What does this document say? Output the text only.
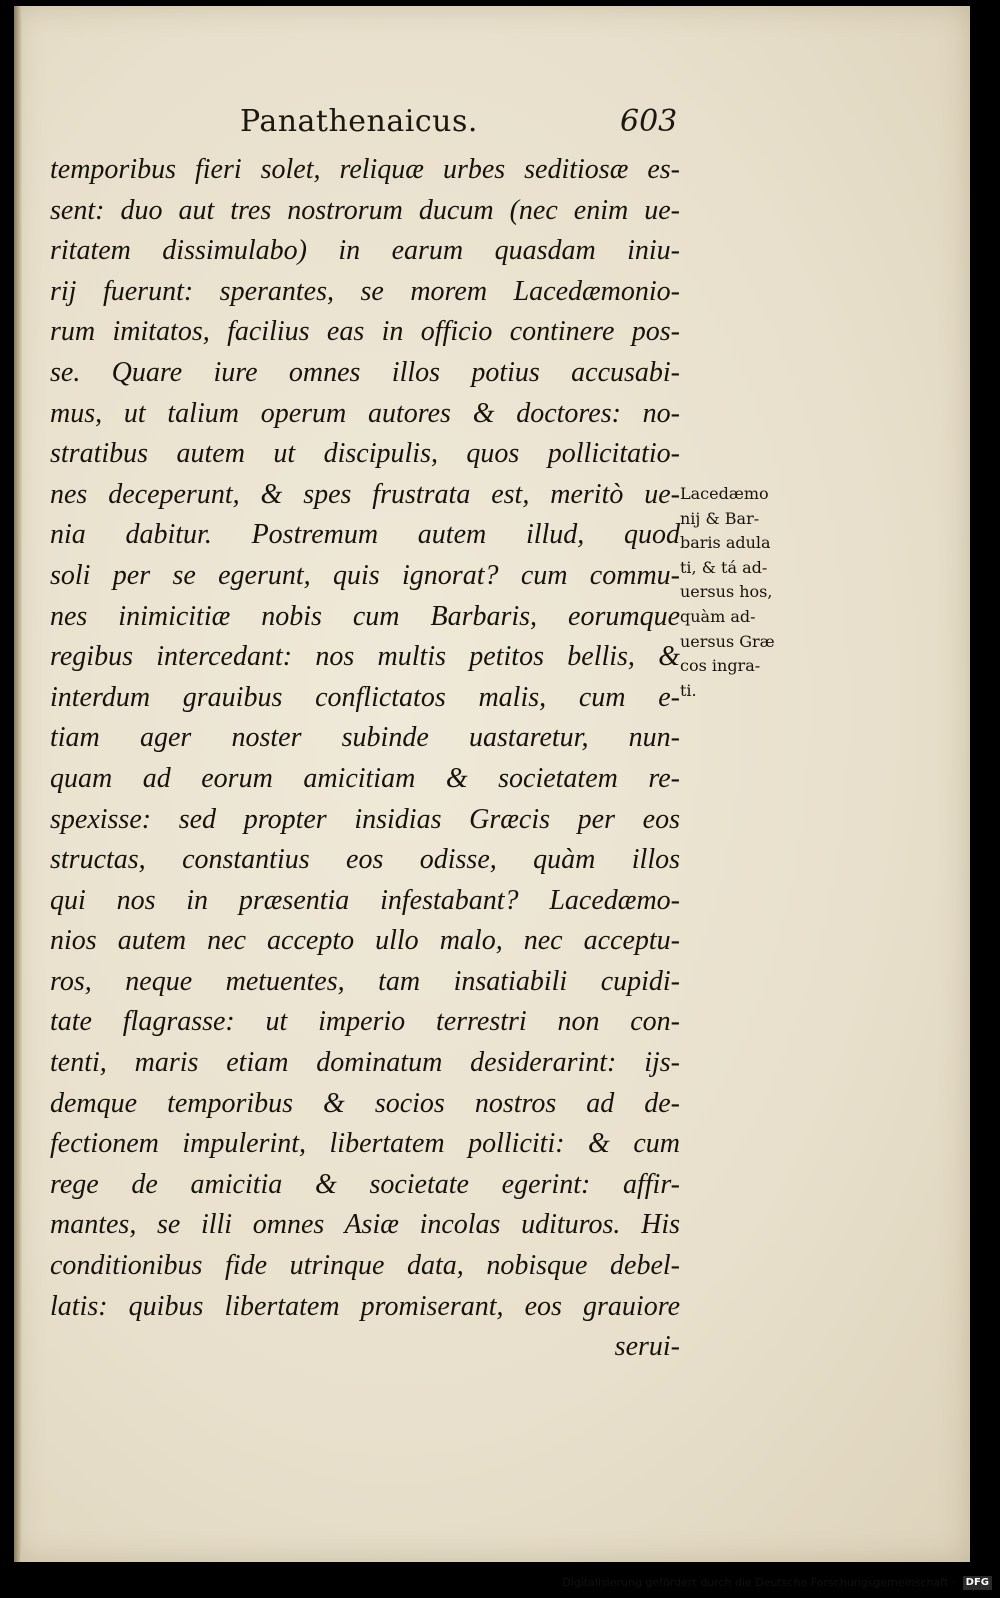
Panathenaicus.	603
temporibus fieri solet, reliquæ urbes seditiosæ es-
sent: duo aut tres nostrorum ducum (nec enim ue-
ritatem dissimulabo) in earum quasdam iniu-
rij fuerunt: sperantes, se morem Lacedæmonio-
rum imitatos, facilius eas in officio continere pos-
se. Quare iure omnes illos potius accusabi-
mus, ut talium operum autores & doctores: no-
stratibus autem ut discipulis, quos pollicitatio-
nes deceperunt, & spes frustrata est, meritò ue-
nia dabitur. Postremum autem illud, quod
soli per se egerunt, quis ignorat? cum commu-
nes inimicitiæ nobis cum Barbaris, eorumque
regibus intercedant: nos multis petitos bellis, &
interdum grauibus conflictatos malis, cum e-
tiam ager noster subinde uastaretur, nun-
quam ad eorum amicitiam & societatem re-
spexisse: sed propter insidias Græcis per eos
structas, constantius eos odisse, quàm illos
qui nos in præsentia infestabant? Lacedæmo-
nios autem nec accepto ullo malo, nec acceptu-
ros, neque metuentes, tam insatiabili cupidi-
tate flagrasse: ut imperio terrestri non con-
tenti, maris etiam dominatum desiderarint: ijs-
demque temporibus & socios nostros ad de-
fectionem impulerint, libertatem polliciti: & cum
rege de amicitia & societate egerint: affir-
mantes, se illi omnes Asiæ incolas udituros. His
conditionibus fide utrinque data, nobisque debel-
latis: quibus libertatem promiserant, eos grauiore
serui-
Lacedæmo
nij & Bar-
baris adula
ti, & tá ad-
uersus hos,
quàm ad-
uersus Græ
cos ingra-
ti.
Digitalisierung gefördert durch die Deutsche Forschungsgemeinschaft · DFG
